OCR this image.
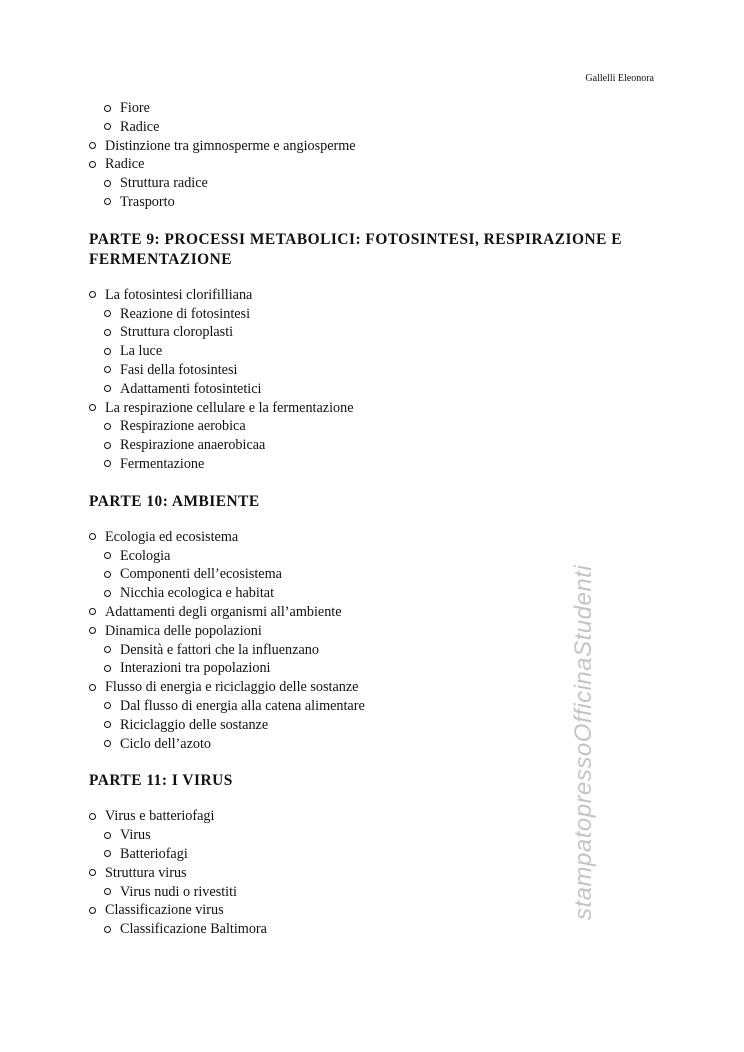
Gallelli Eleonora
Fiore
Radice
Distinzione tra gimnosperme e angiosperme
Radice
Struttura radice
Trasporto
PARTE 9: PROCESSI METABOLICI: FOTOSINTESI, RESPIRAZIONE E FERMENTAZIONE
La fotosintesi clorifilliana
Reazione di fotosintesi
Struttura cloroplasti
La luce
Fasi della fotosintesi
Adattamenti fotosintetici
La respirazione cellulare e la fermentazione
Respirazione aerobica
Respirazione anaerobicaa
Fermentazione
PARTE 10: AMBIENTE
Ecologia ed ecosistema
Ecologia
Componenti dell’ecosistema
Nicchia ecologica e habitat
Adattamenti degli organismi all’ambiente
Dinamica delle popolazioni
Densità e fattori che la influenzano
Interazioni tra popolazioni
Flusso di energia e riciclaggio delle sostanze
Dal flusso di energia alla catena alimentare
Riciclaggio delle sostanze
Ciclo dell’azoto
PARTE 11: I VIRUS
Virus e batteriofagi
Virus
Batteriofagi
Struttura virus
Virus nudi o rivestiti
Classificazione virus
Classificazione Baltimora
stampatopressoOfficinaStudenti
